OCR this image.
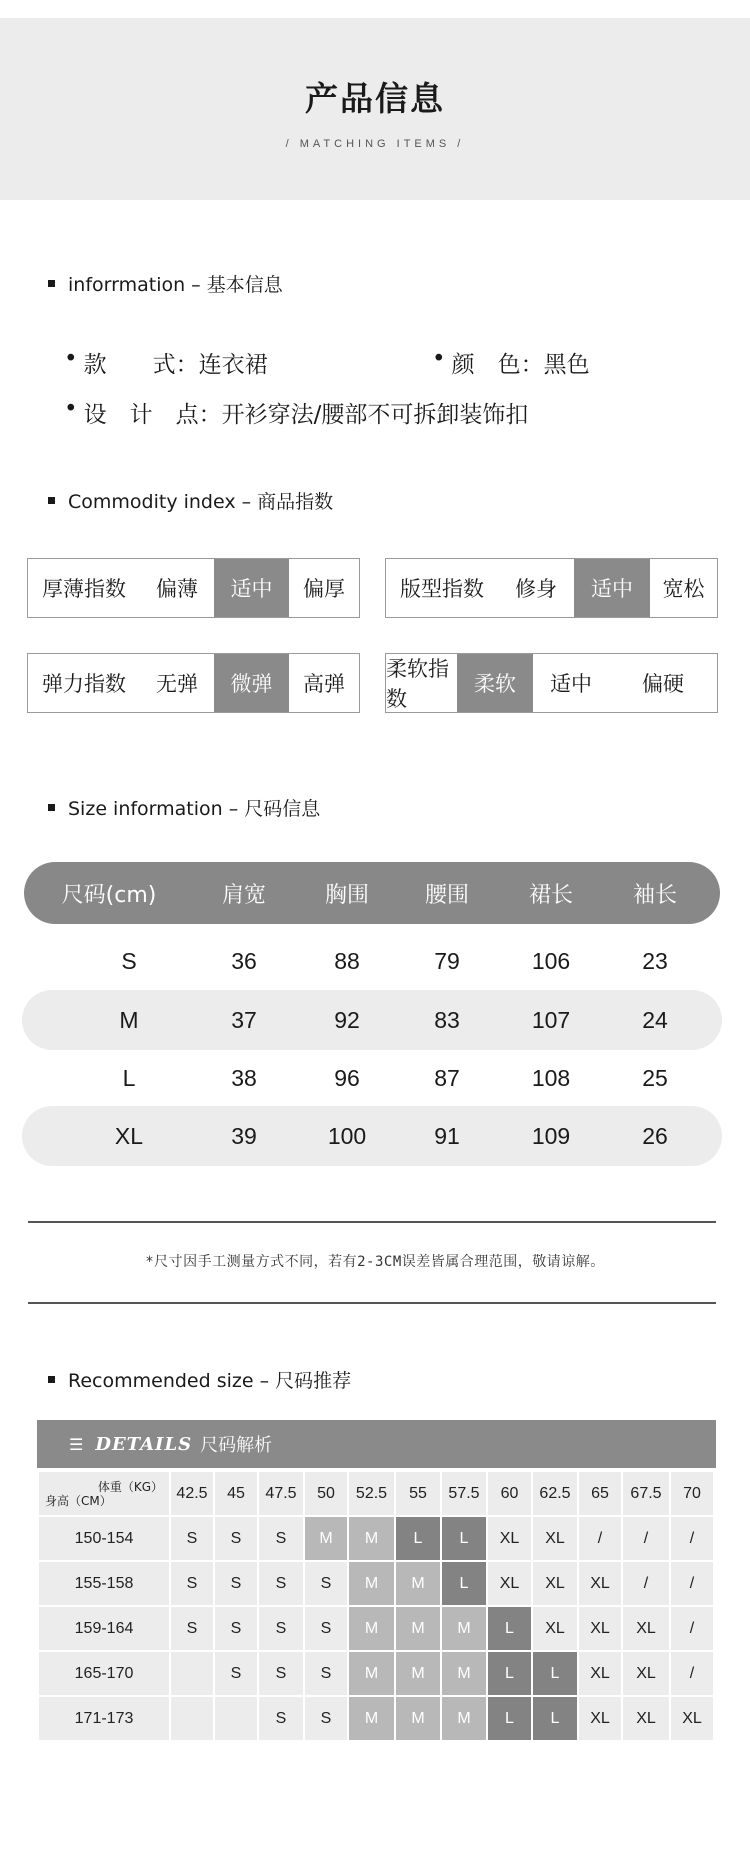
产品信息
/ MATCHING ITEMS /
inforrmation – 基本信息
• 款　　式： 连衣裙	• 颜　色： 黑色
• 设　计　点： 开衫穿法/腰部不可拆卸装饰扣
Commodity index – 商品指数
厚薄指数	偏薄	适中	偏厚	版型指数	修身	适中	宽松
弹力指数	无弹	微弹	高弹
柔软指数
柔软	适中	偏硬
Size information – 尺码信息
尺码(cm)	肩宽	胸围	腰围	裙长	袖长
S	36	88	79	106	23
M	37	92	83	107	24
L	38	96	87	108	25
XL	39	100	91	109	26
*尺寸因手工测量方式不同，若有2-3CM误差皆属合理范围，敬请谅解。
Recommended size – 尺码推荐
☰ DETAILS 尺码解析
体重（KG）
身高（CM）	42.5	45	47.5	50	52.5	55	57.5	60	62.5	65	67.5	70
150-154	S	S	S	M	M	L	L	XL	XL	/	/	/
155-158	S	S	S	S	M	M	L	XL	XL	XL	/	/
159-164	S	S	S	S	M	M	M	L	XL	XL	XL	/
165-170		S	S	S	M	M	M	L	L	XL	XL	/
171-173			S	S	M	M	M	L	L	XL	XL	XL
